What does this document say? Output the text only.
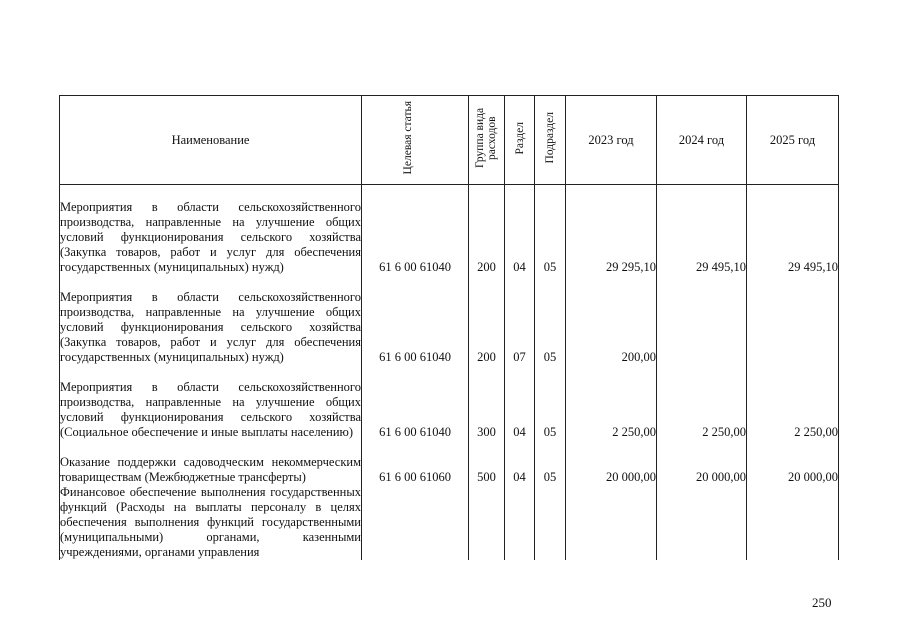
Наименование	Целевая статья	Группа вида расходов	Раздел	Подраздел	2023 год	2024 год	2025 год
Мероприятия в области сельскохозяйственного производства, направленные на улучшение общих условий функционирования сельского хозяйства (Закупка товаров, работ и услуг для обеспечения государственных (муниципальных) нужд)	61 6 00 61040	200	04	05	29 295,10	29 495,10	29 495,10
Мероприятия в области сельскохозяйственного производства, направленные на улучшение общих условий функционирования сельского хозяйства (Закупка товаров, работ и услуг для обеспечения государственных (муниципальных) нужд)	61 6 00 61040	200	07	05	200,00		
Мероприятия в области сельскохозяйственного производства, направленные на улучшение общих условий функционирования сельского хозяйства (Социальное обеспечение и иные выплаты населению)	61 6 00 61040	300	04	05	2 250,00	2 250,00	2 250,00
Оказание поддержки садоводческим некоммерческим товариществам (Межбюджетные трансферты)	61 6 00 61060	500	04	05	20 000,00	20 000,00	20 000,00
Финансовое обеспечение выполнения государственных функций (Расходы на выплаты персоналу в целях обеспечения выполнения функций государственными (муниципальными) органами, казенными учреждениями, органами управления							
250
